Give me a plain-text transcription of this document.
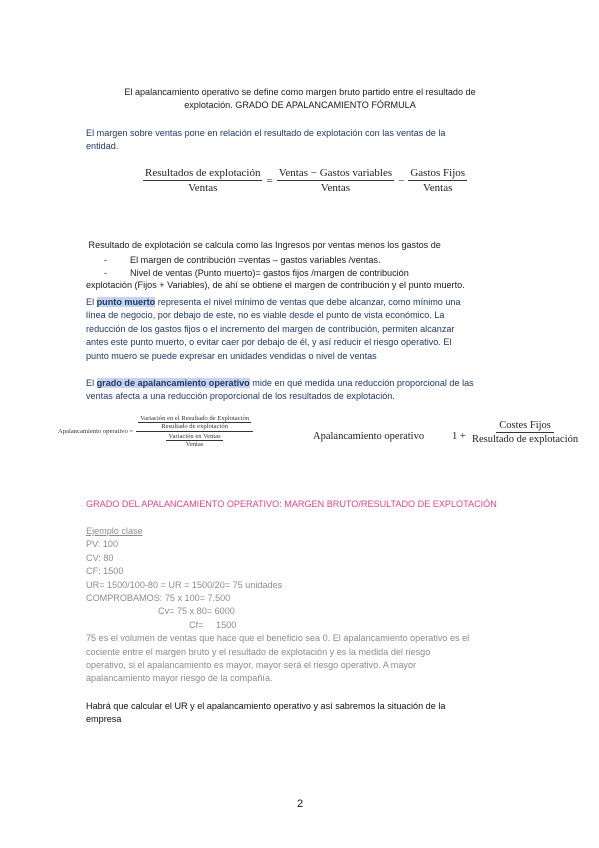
El apalancamiento operativo se define como margen bruto partido entre el resultado de
explotación. GRADO DE APALANCAMIENTO FÓRMULA
El margen sobre ventas pone en relación el resultado de explotación con las ventas de la
entidad.
$\frac{\text{Resultados de explotación}}{\text{Ventas}} = \frac{\text{Ventas − Gastos variables}}{\text{Ventas}} - \frac{\text{Gastos Fijos}}{\text{Ventas}}$

Resultado de explotación se calcula como las Ingresos por ventas menos los gastos de

explotación (Fijos + Variables), de ahí se obtiene el margen de contribución y el punto muerto.

- El margen de contribución =ventas – gastos variables /ventas.
- Nivel de ventas (Punto muerto)= gastos fijos /margen de contribución
El punto muerto representa el nivel mínimo de ventas que debe alcanzar, como mínimo una
línea de negocio, por debajo de este, no es viable desde el punto de vista económico. La
reducción de los gastos fijos o el incremento del margen de contribución, permiten alcanzar
antes este punto muerto, o evitar caer por debajo de él, y así reducir el riesgo operativo. El
punto muero se puede expresar en unidades vendidas o nivel de ventas
El grado de apalancamiento operativo mide en qué medida una reducción proporcional de las
ventas afecta a una reducción proporcional de los resultados de explotación.
Apalancamiento operativo =
Variación en el Resultado de Explotación
Resultado de explotación
Variación en Ventas
Ventas
Apalancamiento operativo	$1 + \frac{\text{Costes Fijos}}{\text{Resultado de explotación}}$
GRADO DEL APALANCAMIENTO OPERATIVO: MARGEN BRUTO/RESULTADO DE EXPLOTACIÓN
Ejemplo clase
PV: 100
CV: 80
CF: 1500
UR= 1500/100-80 = UR = 1500/20= 75 unidades
COMPROBAMOS: 75 x 100= 7.500
Cv= 75 x 80= 6000
Cf=     1500
75 es el volumen de ventas que hace que el beneficio sea 0. El apalancamiento operativo es el
cociente entre el margen bruto y el resultado de explotación y es la medida del riesgo
operativo, si el apalancamiento es mayor, mayor será el riesgo operativo. A mayor
apalancamiento mayor riesgo de la compañía.
Habrá que calcular el UR y el apalancamiento operativo y así sabremos la situación de la
empresa
2
